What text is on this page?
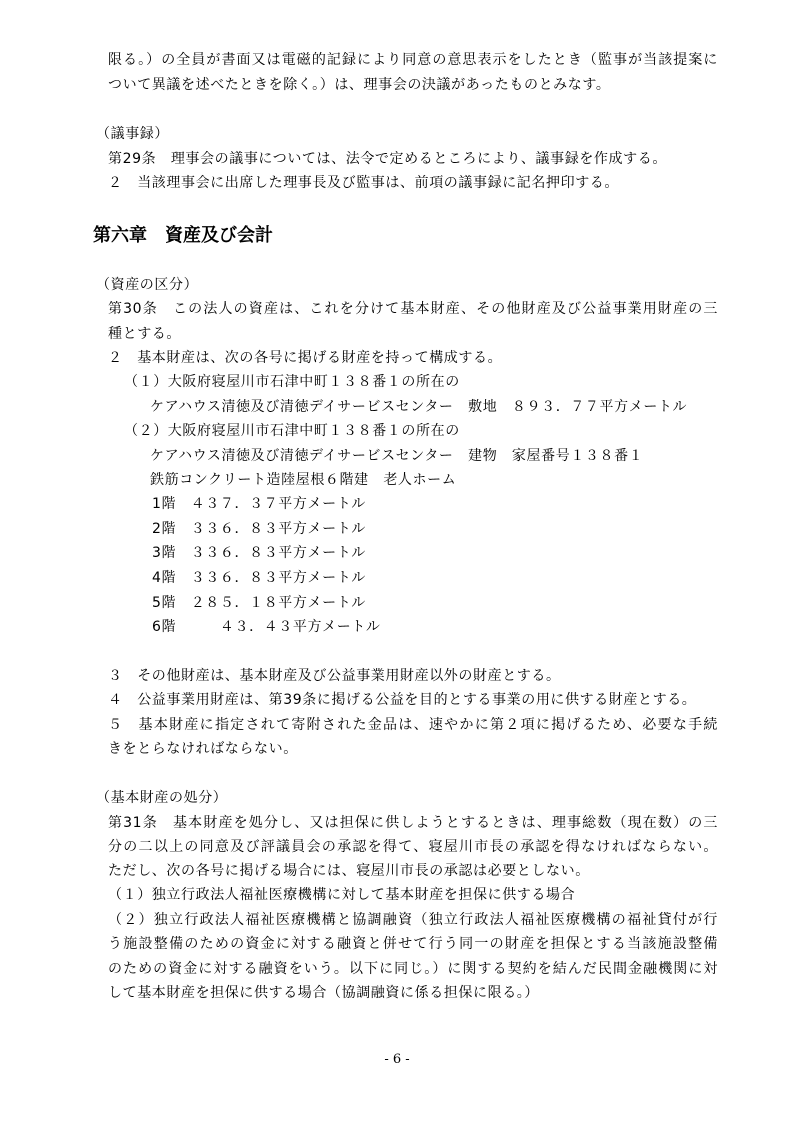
限る。）の全員が書面又は電磁的記録により同意の意思表示をしたとき（監事が当該提案に
ついて異議を述べたときを除く。）は、理事会の決議があったものとみなす。
（議事録）
第29条　理事会の議事については、法令で定めるところにより、議事録を作成する。
２　当該理事会に出席した理事長及び監事は、前項の議事録に記名押印する。
第六章　資産及び会計
（資産の区分）
第30条　この法人の資産は、これを分けて基本財産、その他財産及び公益事業用財産の三
種とする。
２　基本財産は、次の各号に掲げる財産を持って構成する。
（１）大阪府寝屋川市石津中町１３８番１の所在の
ケアハウス清徳及び清徳デイサービスセンター　敷地　８９３．７７平方メートル
（２）大阪府寝屋川市石津中町１３８番１の所在の
ケアハウス清徳及び清徳デイサービスセンター　建物　家屋番号１３８番１
鉄筋コンクリート造陸屋根６階建　老人ホーム
1階　４３７．３７平方メートル
2階　３３６．８３平方メートル
3階　３３６．８３平方メートル
4階　３３６．８３平方メートル
5階　２８５．１８平方メートル
6階　　　４３．４３平方メートル
３　その他財産は、基本財産及び公益事業用財産以外の財産とする。
４　公益事業用財産は、第39条に掲げる公益を目的とする事業の用に供する財産とする。
５　基本財産に指定されて寄附された金品は、速やかに第２項に掲げるため、必要な手続
きをとらなければならない。
（基本財産の処分）
第31条　基本財産を処分し、又は担保に供しようとするときは、理事総数（現在数）の三
分の二以上の同意及び評議員会の承認を得て、寝屋川市長の承認を得なければならない。
ただし、次の各号に掲げる場合には、寝屋川市長の承認は必要としない。
（１）独立行政法人福祉医療機構に対して基本財産を担保に供する場合
（２）独立行政法人福祉医療機構と協調融資（独立行政法人福祉医療機構の福祉貸付が行
う施設整備のための資金に対する融資と併せて行う同一の財産を担保とする当該施設整備
のための資金に対する融資をいう。以下に同じ。）に関する契約を結んだ民間金融機関に対
して基本財産を担保に供する場合（協調融資に係る担保に限る。）
- 6 -
